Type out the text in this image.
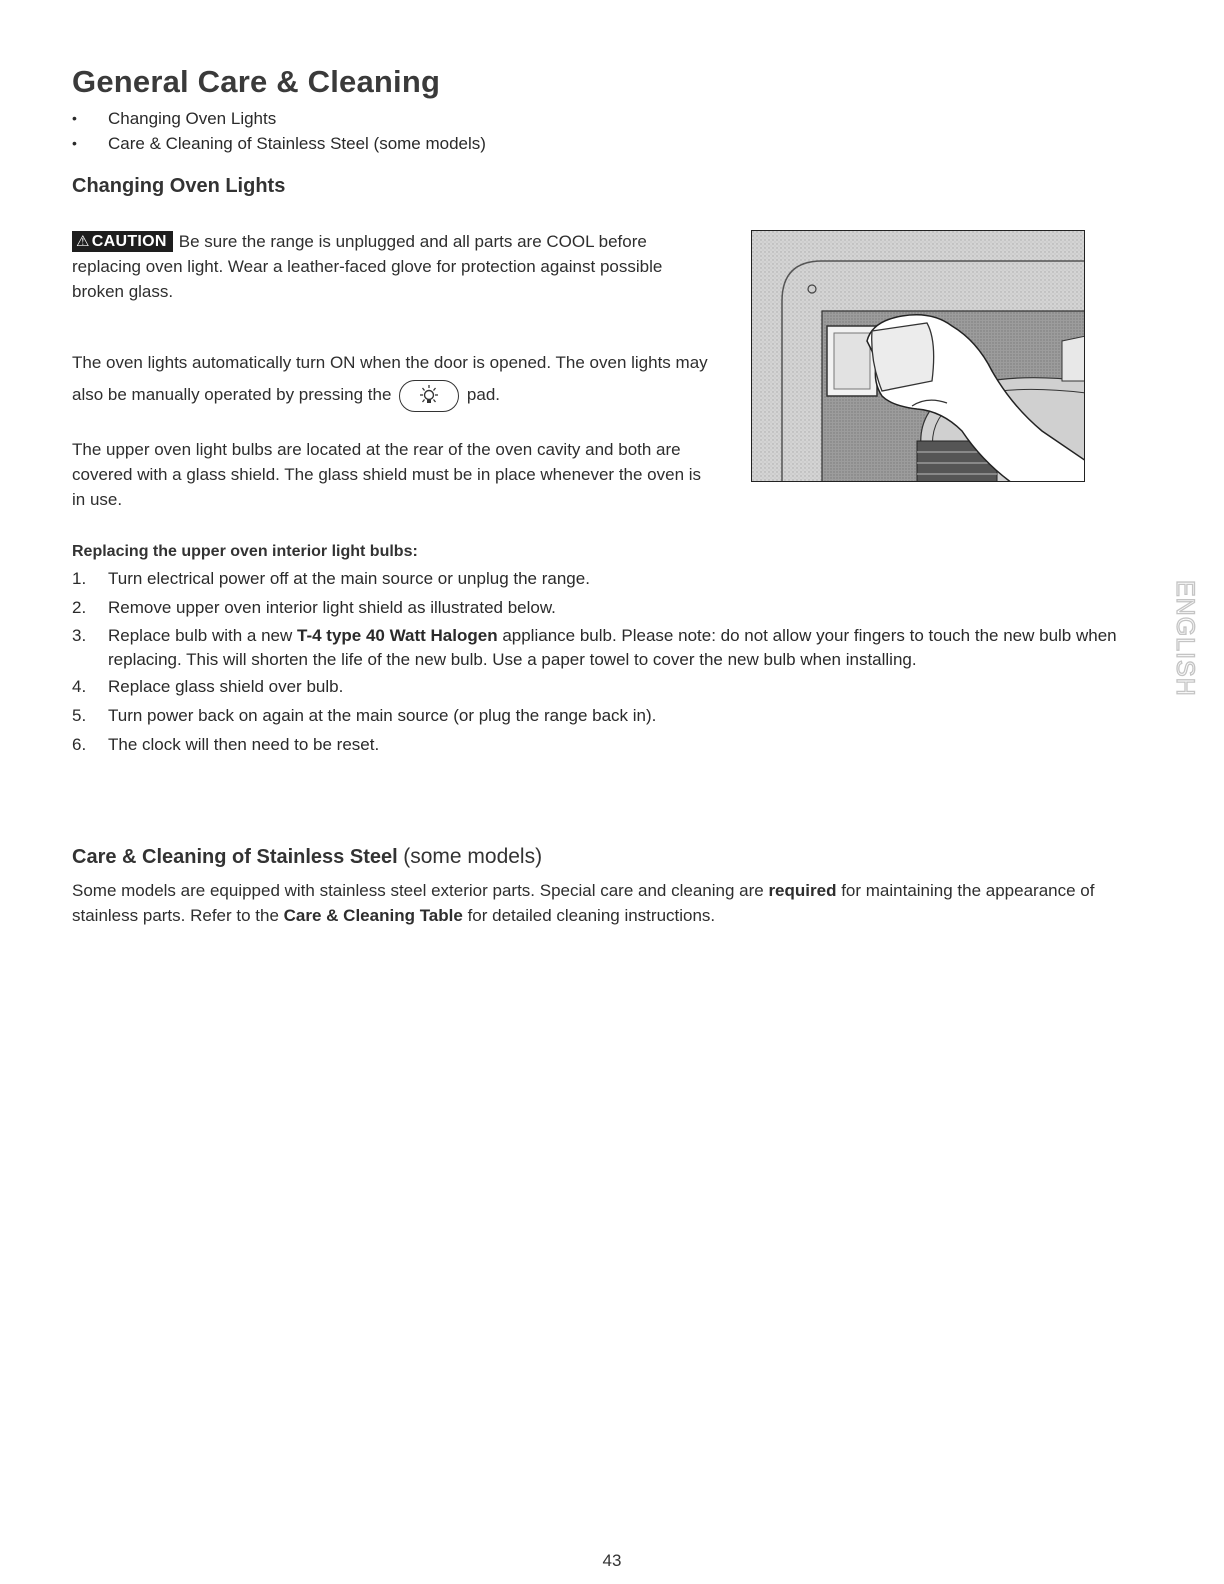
General Care & Cleaning
• Changing Oven Lights
• Care & Cleaning of Stainless Steel (some models)
Changing Oven Lights

⚠ CAUTION Be sure the range is unplugged and all parts are COOL before replacing oven light. Wear a leather-faced glove for protection against possible broken glass.

The oven lights automatically turn ON when the door is opened. The oven lights may also be manually operated by pressing the	pad.

The upper oven light bulbs are located at the rear of the oven cavity and both are covered with a glass shield. The glass shield must be in place whenever the oven is in use.

Replacing the upper oven interior light bulbs:
1. Turn electrical power off at the main source or unplug the range.
2. Remove upper oven interior light shield as illustrated below.
3. Replace bulb with a new T-4 type 40 Watt Halogen appliance bulb. Please note: do not allow your fingers to touch the new bulb when replacing. This will shorten the life of the new bulb. Use a paper towel to cover the new bulb when installing.
4. Replace glass shield over bulb.
5. Turn power back on again at the main source (or plug the range back in).
6. The clock will then need to be reset.
Care & Cleaning of Stainless Steel (some models)

Some models are equipped with stainless steel exterior parts. Special care and cleaning are required for maintaining the appearance of stainless parts. Refer to the Care & Cleaning Table for detailed cleaning instructions.

ENGLISH
43
